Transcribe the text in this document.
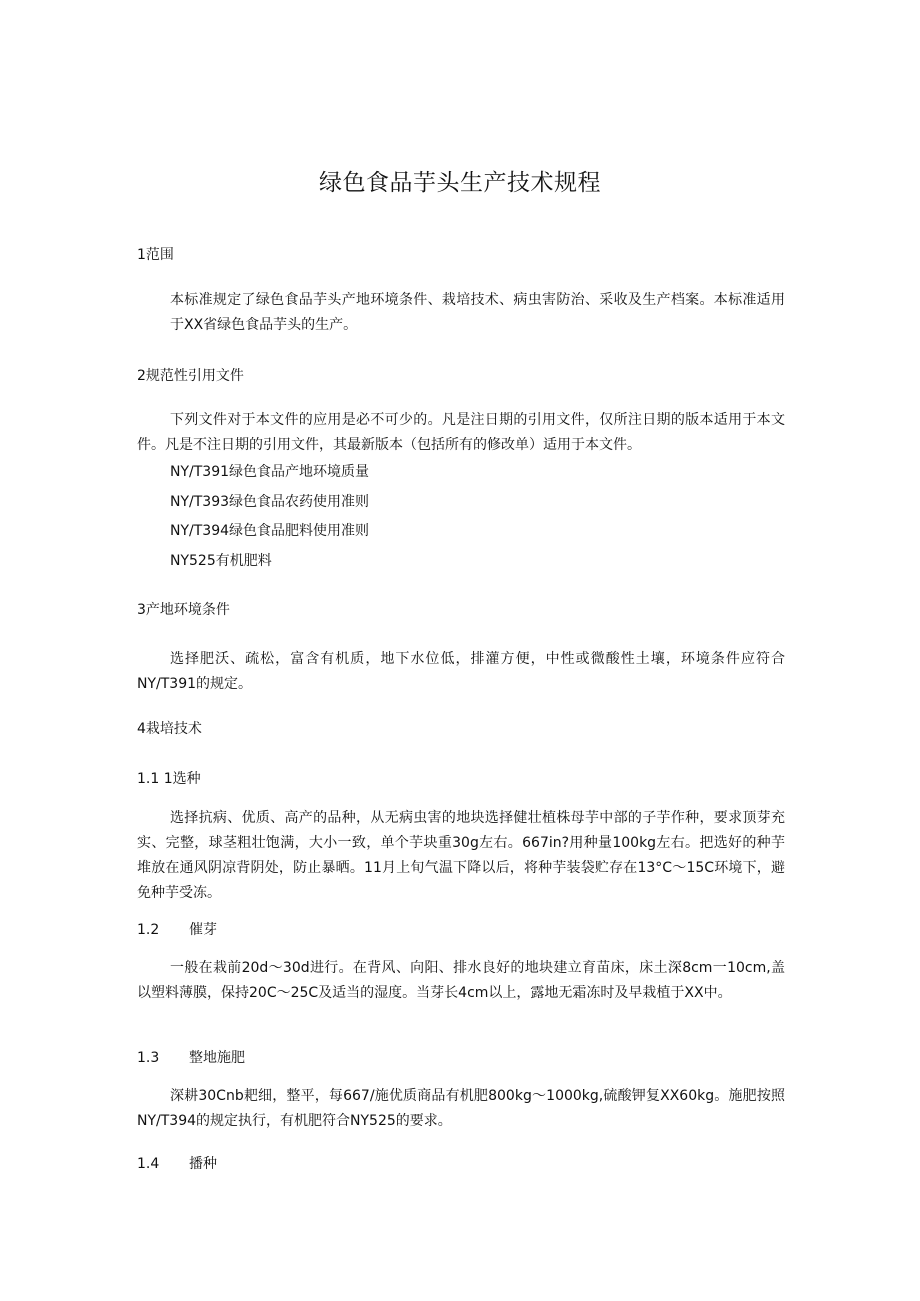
绿色食品芋头生产技术规程
1范围
本标准规定了绿色食品芋头产地环境条件、栽培技术、病虫害防治、采收及生产档案。本标准适用于XX省绿色食品芋头的生产。
2规范性引用文件
下列文件对于本文件的应用是必不可少的。凡是注日期的引用文件，仅所注日期的版本适用于本文件。凡是不注日期的引用文件，其最新版本（包括所有的修改单）适用于本文件。
NY/T391绿色食品产地环境质量
NY/T393绿色食品农药使用准则
NY/T394绿色食品肥料使用准则
NY525有机肥料
3产地环境条件
选择肥沃、疏松，富含有机质，地下水位低，排灌方便，中性或微酸性土壤，环境条件应符合NY/T391的规定。
4栽培技术
1.1 1选种
选择抗病、优质、高产的品种，从无病虫害的地块选择健壮植株母芋中部的子芋作种，要求顶芽充实、完整，球茎粗壮饱满，大小一致，单个芋块重30g左右。667in?用种量100kg左右。把选好的种芋堆放在通风阴凉背阴处，防止暴晒。11月上旬气温下降以后，将种芋装袋贮存在13°C～15C环境下，避免种芋受冻。
1.2 催芽
一般在栽前20d～30d进行。在背风、向阳、排水良好的地块建立育苗床，床土深8cm一10cm,盖以塑料薄膜，保持20C～25C及适当的湿度。当芽长4cm以上，露地无霜冻时及早栽植于XX中。
1.3 整地施肥
深耕30Cnb耙细，整平，每667/施优质商品有机肥800kg～1000kg,硫酸钾复XX60kg。施肥按照NY/T394的规定执行，有机肥符合NY525的要求。
1.4 播种
